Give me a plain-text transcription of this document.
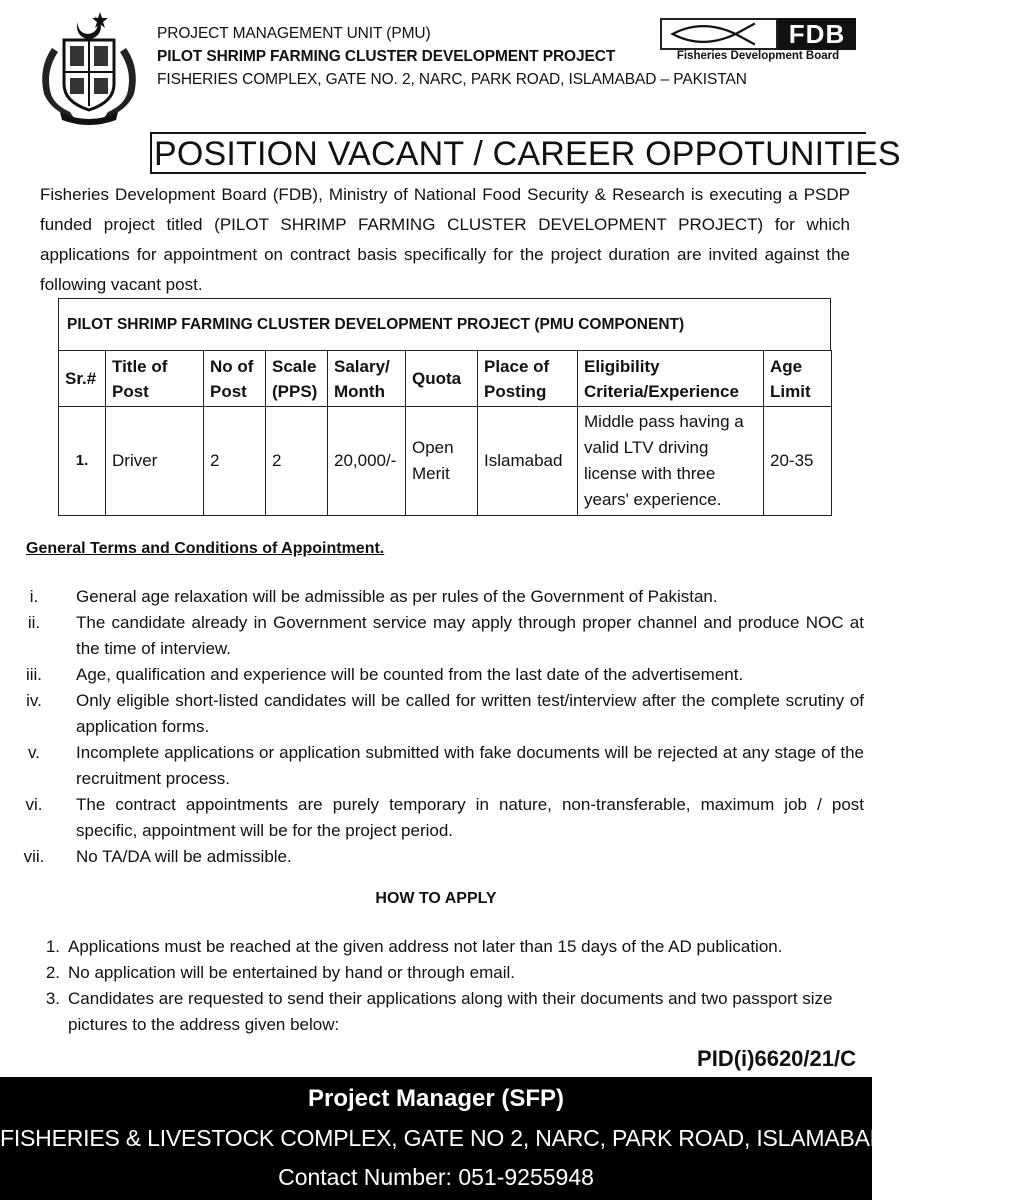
PROJECT MANAGEMENT UNIT (PMU)
PILOT SHRIMP FARMING CLUSTER DEVELOPMENT PROJECT
FISHERIES COMPLEX, GATE NO. 2, NARC, PARK ROAD, ISLAMABAD – PAKISTAN
FDB
Fisheries Development Board
POSITION VACANT / CAREER OPPOTUNITIES

Fisheries Development Board (FDB), Ministry of National Food Security & Research is executing a PSDP funded project titled (PILOT SHRIMP FARMING CLUSTER DEVELOPMENT PROJECT) for which applications for appointment on contract basis specifically for the project duration are invited against the following vacant post.

PILOT SHRIMP FARMING CLUSTER DEVELOPMENT PROJECT (PMU COMPONENT)
Sr.#	Title of Post	No of Post	Scale (PPS)	Salary/ Month	Quota	Place of Posting	Eligibility Criteria/Experience	Age Limit
1.	Driver	2	2	20,000/-	Open Merit	Islamabad	Middle pass having a valid LTV driving license with three years' experience.	20-35
General Terms and Conditions of Appointment.
i.	General age relaxation will be admissible as per rules of the Government of Pakistan.
ii.	The candidate already in Government service may apply through proper channel and produce NOC at the time of interview.
iii.	Age, qualification and experience will be counted from the last date of the advertisement.
iv.	Only eligible short-listed candidates will be called for written test/interview after the complete scrutiny of application forms.
v.	Incomplete applications or application submitted with fake documents will be rejected at any stage of the recruitment process.
vi.	The contract appointments are purely temporary in nature, non-transferable, maximum job / post specific, appointment will be for the project period.
vii.	No TA/DA will be admissible.
HOW TO APPLY
1. Applications must be reached at the given address not later than 15 days of the AD publication.
2. No application will be entertained by hand or through email.
3. Candidates are requested to send their applications along with their documents and two passport size pictures to the address given below:
PID(i)6620/21/C
Project Manager (SFP)
FISHERIES & LIVESTOCK COMPLEX, GATE NO 2, NARC, PARK ROAD, ISLAMABAD – PAKISTAN
Contact Number: 051-9255948
